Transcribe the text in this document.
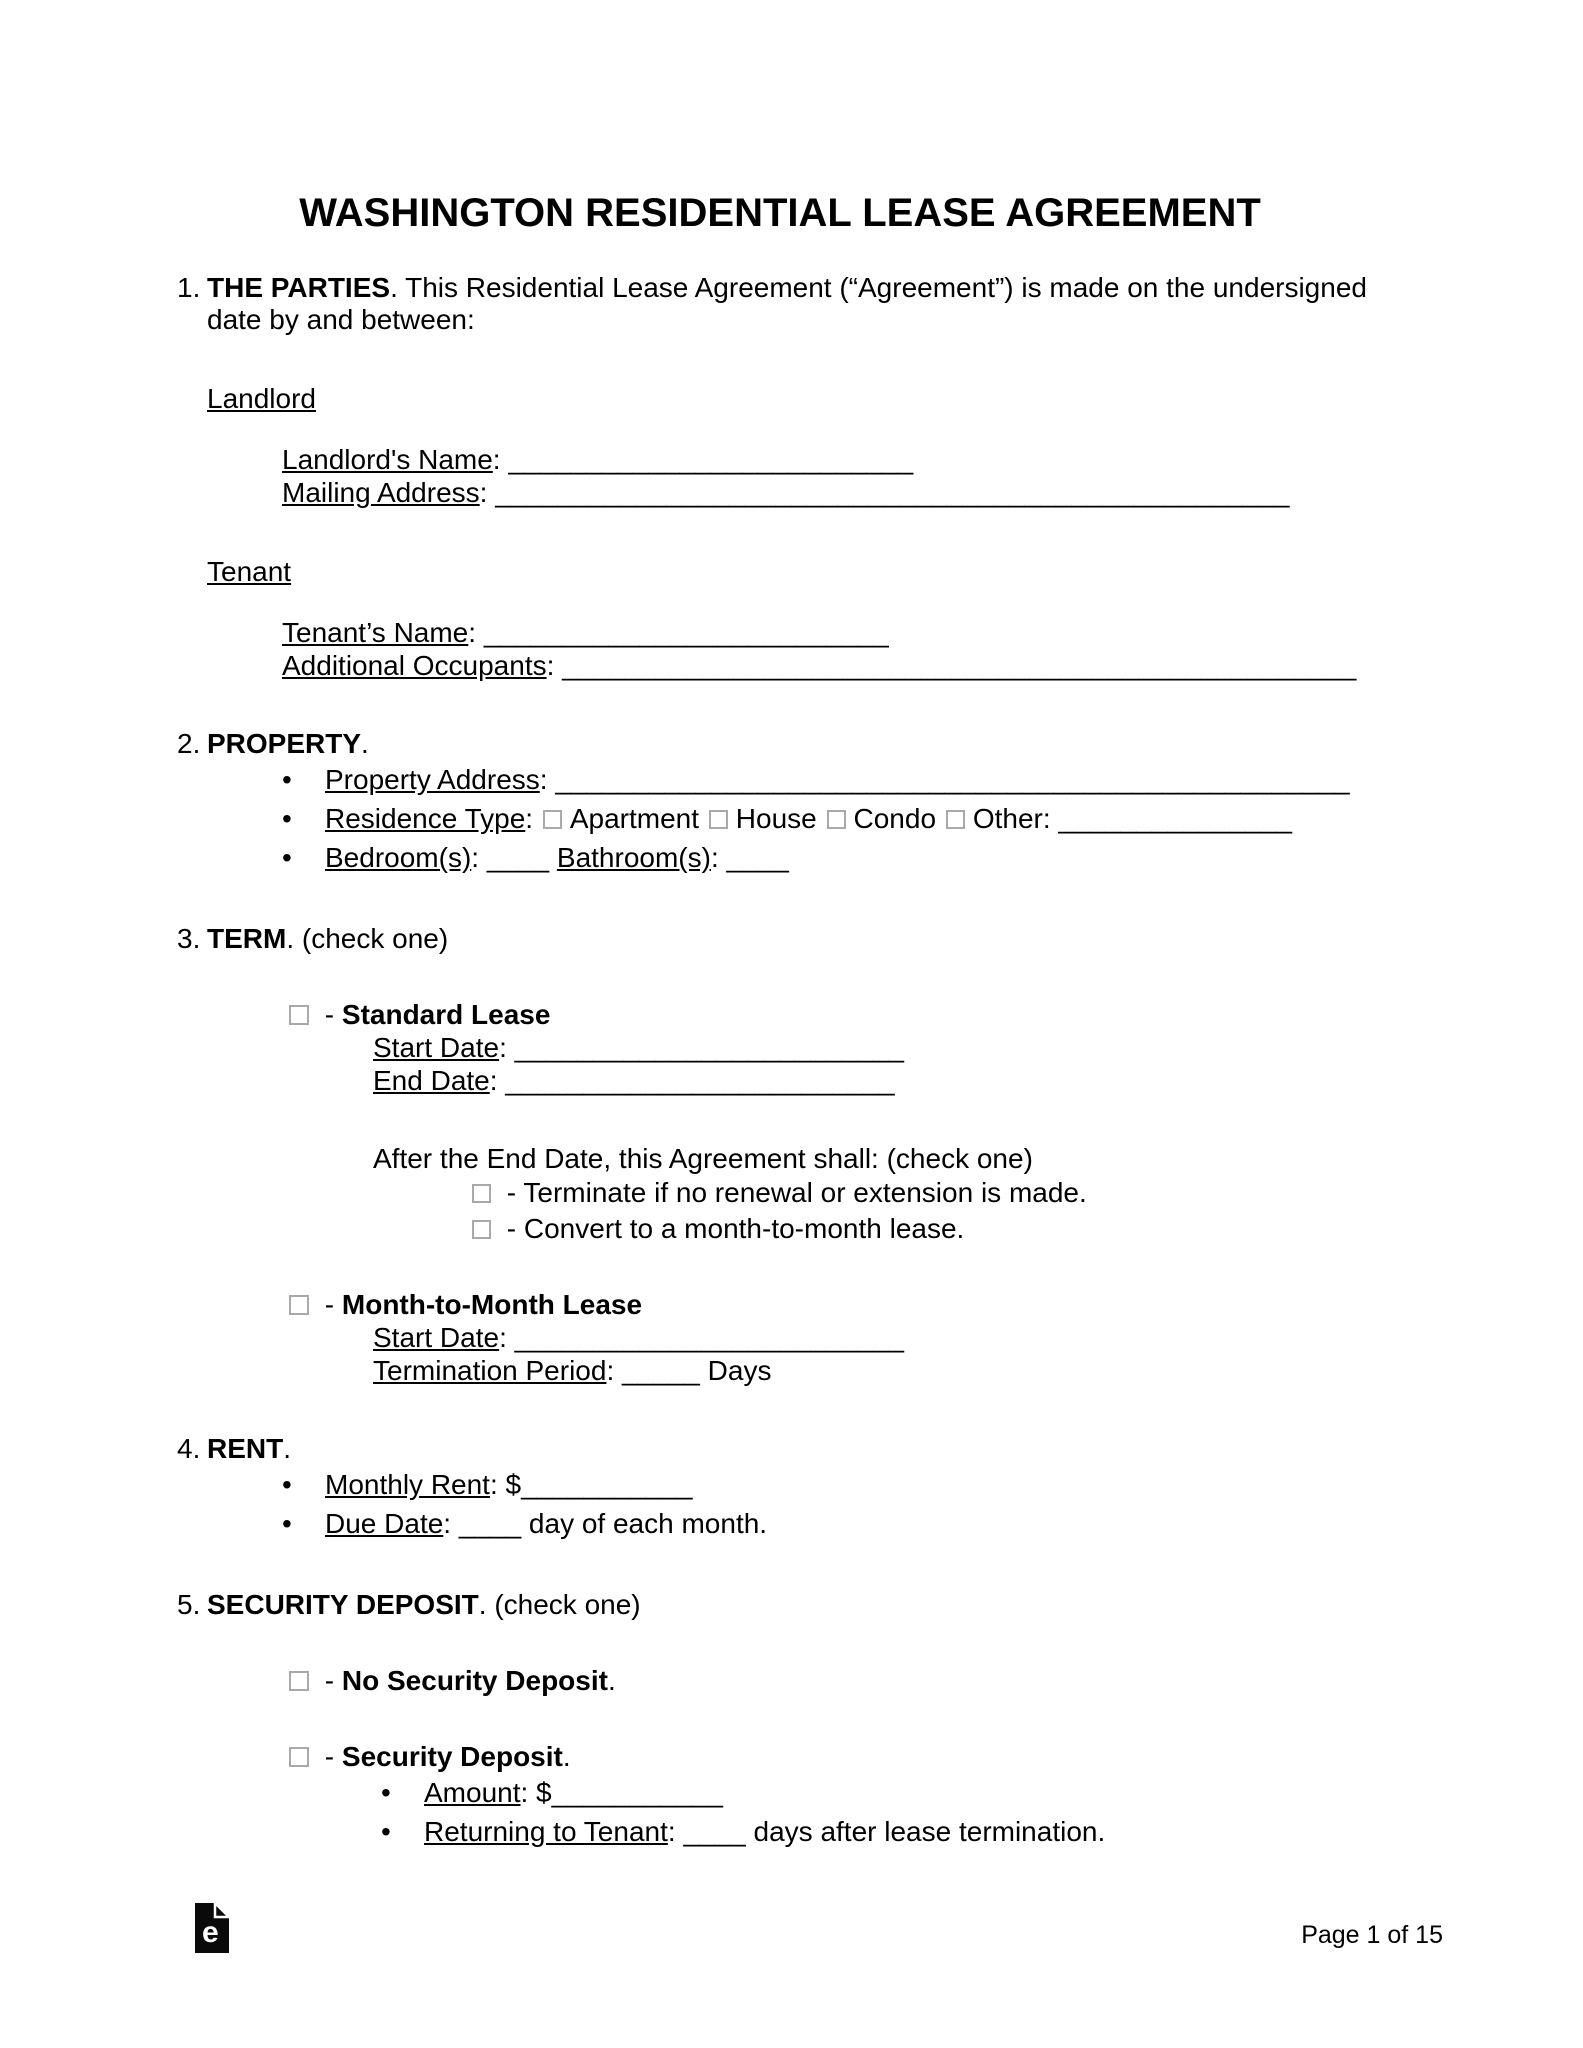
WASHINGTON RESIDENTIAL LEASE AGREEMENT
1. THE PARTIES. This Residential Lease Agreement (“Agreement”) is made on the undersigned date by and between:
Landlord
Landlord's Name: __________________________
Mailing Address: ___________________________________________________
Tenant
Tenant’s Name: __________________________
Additional Occupants: ___________________________________________________
2. PROPERTY.
• Property Address: ___________________________________________________
• Residence Type: Apartment House Condo Other: _______________
• Bedroom(s): ____ Bathroom(s): ____
3. TERM. (check one)
- Standard Lease
Start Date: _________________________
End Date: _________________________
After the End Date, this Agreement shall: (check one)
- Terminate if no renewal or extension is made.
- Convert to a month-to-month lease.
- Month-to-Month Lease
Start Date: _________________________
Termination Period: _____ Days
4. RENT.
• Monthly Rent: $___________
• Due Date: ____ day of each month.
5. SECURITY DEPOSIT. (check one)
- No Security Deposit.
- Security Deposit.
• Amount: $___________
• Returning to Tenant: ____ days after lease termination.
e	Page 1 of 15
